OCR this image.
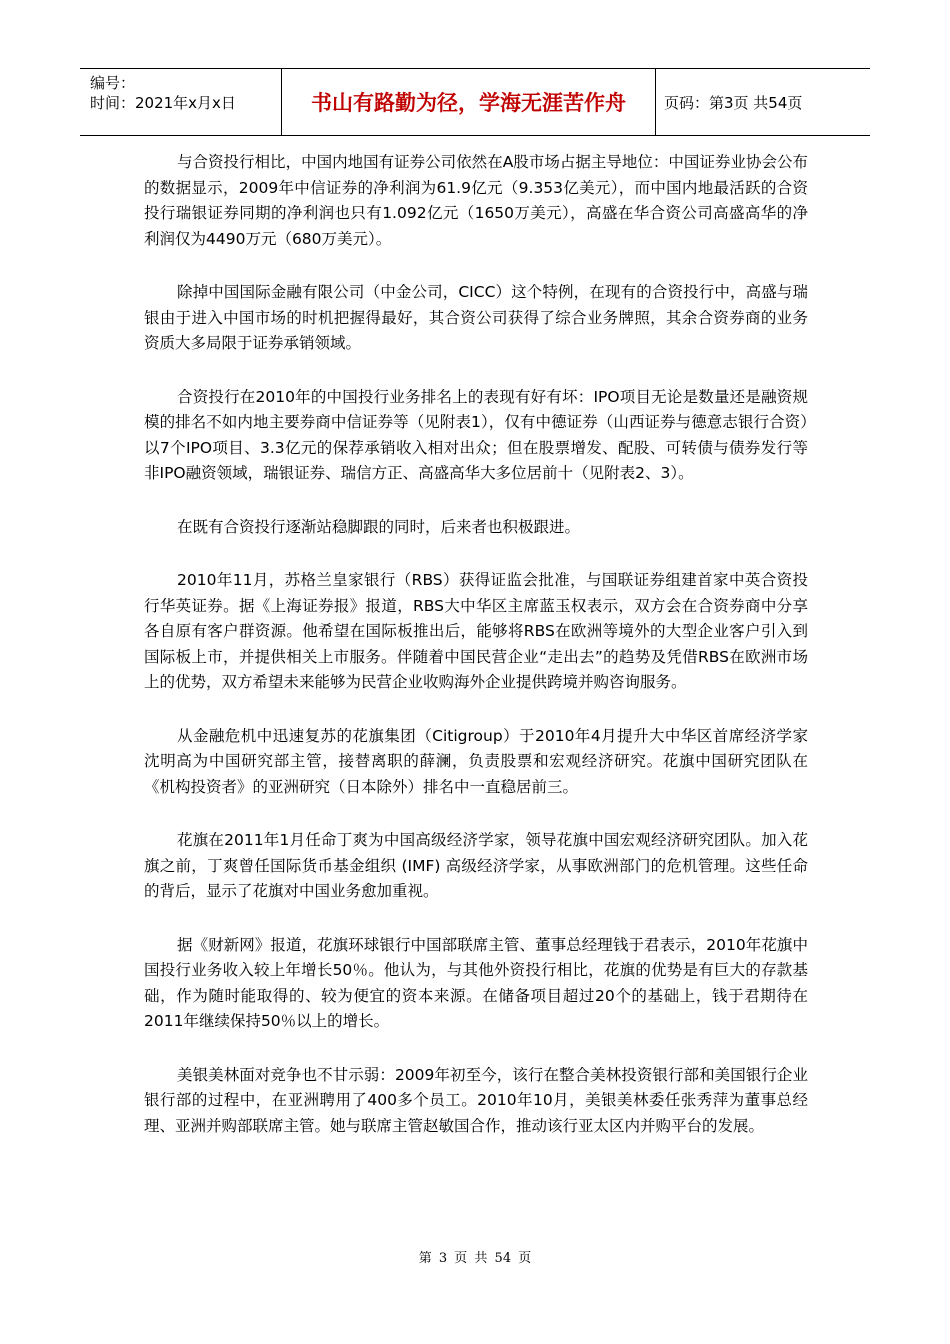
编号：
时间：2021年x月x日	书山有路勤为径，学海无涯苦作舟	页码：第3页 共54页

与合资投行相比，中国内地国有证券公司依然在A股市场占据主导地位：中国证券业协会公布的数据显示，2009年中信证券的净利润为61.9亿元（9.353亿美元），而中国内地最活跃的合资投行瑞银证券同期的净利润也只有1.092亿元（1650万美元），高盛在华合资公司高盛高华的净利润仅为4490万元（680万美元）。

除掉中国国际金融有限公司（中金公司，CICC）这个特例，在现有的合资投行中，高盛与瑞银由于进入中国市场的时机把握得最好，其合资公司获得了综合业务牌照，其余合资券商的业务资质大多局限于证券承销领域。

合资投行在2010年的中国投行业务排名上的表现有好有坏：IPO项目无论是数量还是融资规模的排名不如内地主要券商中信证券等（见附表1），仅有中德证券（山西证券与德意志银行合资）以7个IPO项目、3.3亿元的保荐承销收入相对出众；但在股票增发、配股、可转债与债券发行等非IPO融资领域，瑞银证券、瑞信方正、高盛高华大多位居前十（见附表2、3）。

在既有合资投行逐渐站稳脚跟的同时，后来者也积极跟进。

2010年11月，苏格兰皇家银行（RBS）获得证监会批准，与国联证券组建首家中英合资投行华英证券。据《上海证券报》报道，RBS大中华区主席蓝玉权表示，双方会在合资券商中分享各自原有客户群资源。他希望在国际板推出后，能够将RBS在欧洲等境外的大型企业客户引入到国际板上市，并提供相关上市服务。伴随着中国民营企业“走出去”的趋势及凭借RBS在欧洲市场上的优势，双方希望未来能够为民营企业收购海外企业提供跨境并购咨询服务。

从金融危机中迅速复苏的花旗集团（Citigroup）于2010年4月提升大中华区首席经济学家沈明高为中国研究部主管，接替离职的薛澜，负责股票和宏观经济研究。花旗中国研究团队在《机构投资者》的亚洲研究（日本除外）排名中一直稳居前三。

花旗在2011年1月任命丁爽为中国高级经济学家，领导花旗中国宏观经济研究团队。加入花旗之前，丁爽曾任国际货币基金组织 (IMF) 高级经济学家，从事欧洲部门的危机管理。这些任命的背后，显示了花旗对中国业务愈加重视。

据《财新网》报道，花旗环球银行中国部联席主管、董事总经理钱于君表示，2010年花旗中国投行业务收入较上年增长50％。他认为，与其他外资投行相比，花旗的优势是有巨大的存款基础，作为随时能取得的、较为便宜的资本来源。在储备项目超过20个的基础上，钱于君期待在2011年继续保持50％以上的增长。

美银美林面对竞争也不甘示弱：2009年初至今，该行在整合美林投资银行部和美国银行企业银行部的过程中，在亚洲聘用了400多个员工。2010年10月，美银美林委任张秀萍为董事总经理、亚洲并购部联席主管。她与联席主管赵敏国合作，推动该行亚太区内并购平台的发展。

第 3 页 共 54 页
